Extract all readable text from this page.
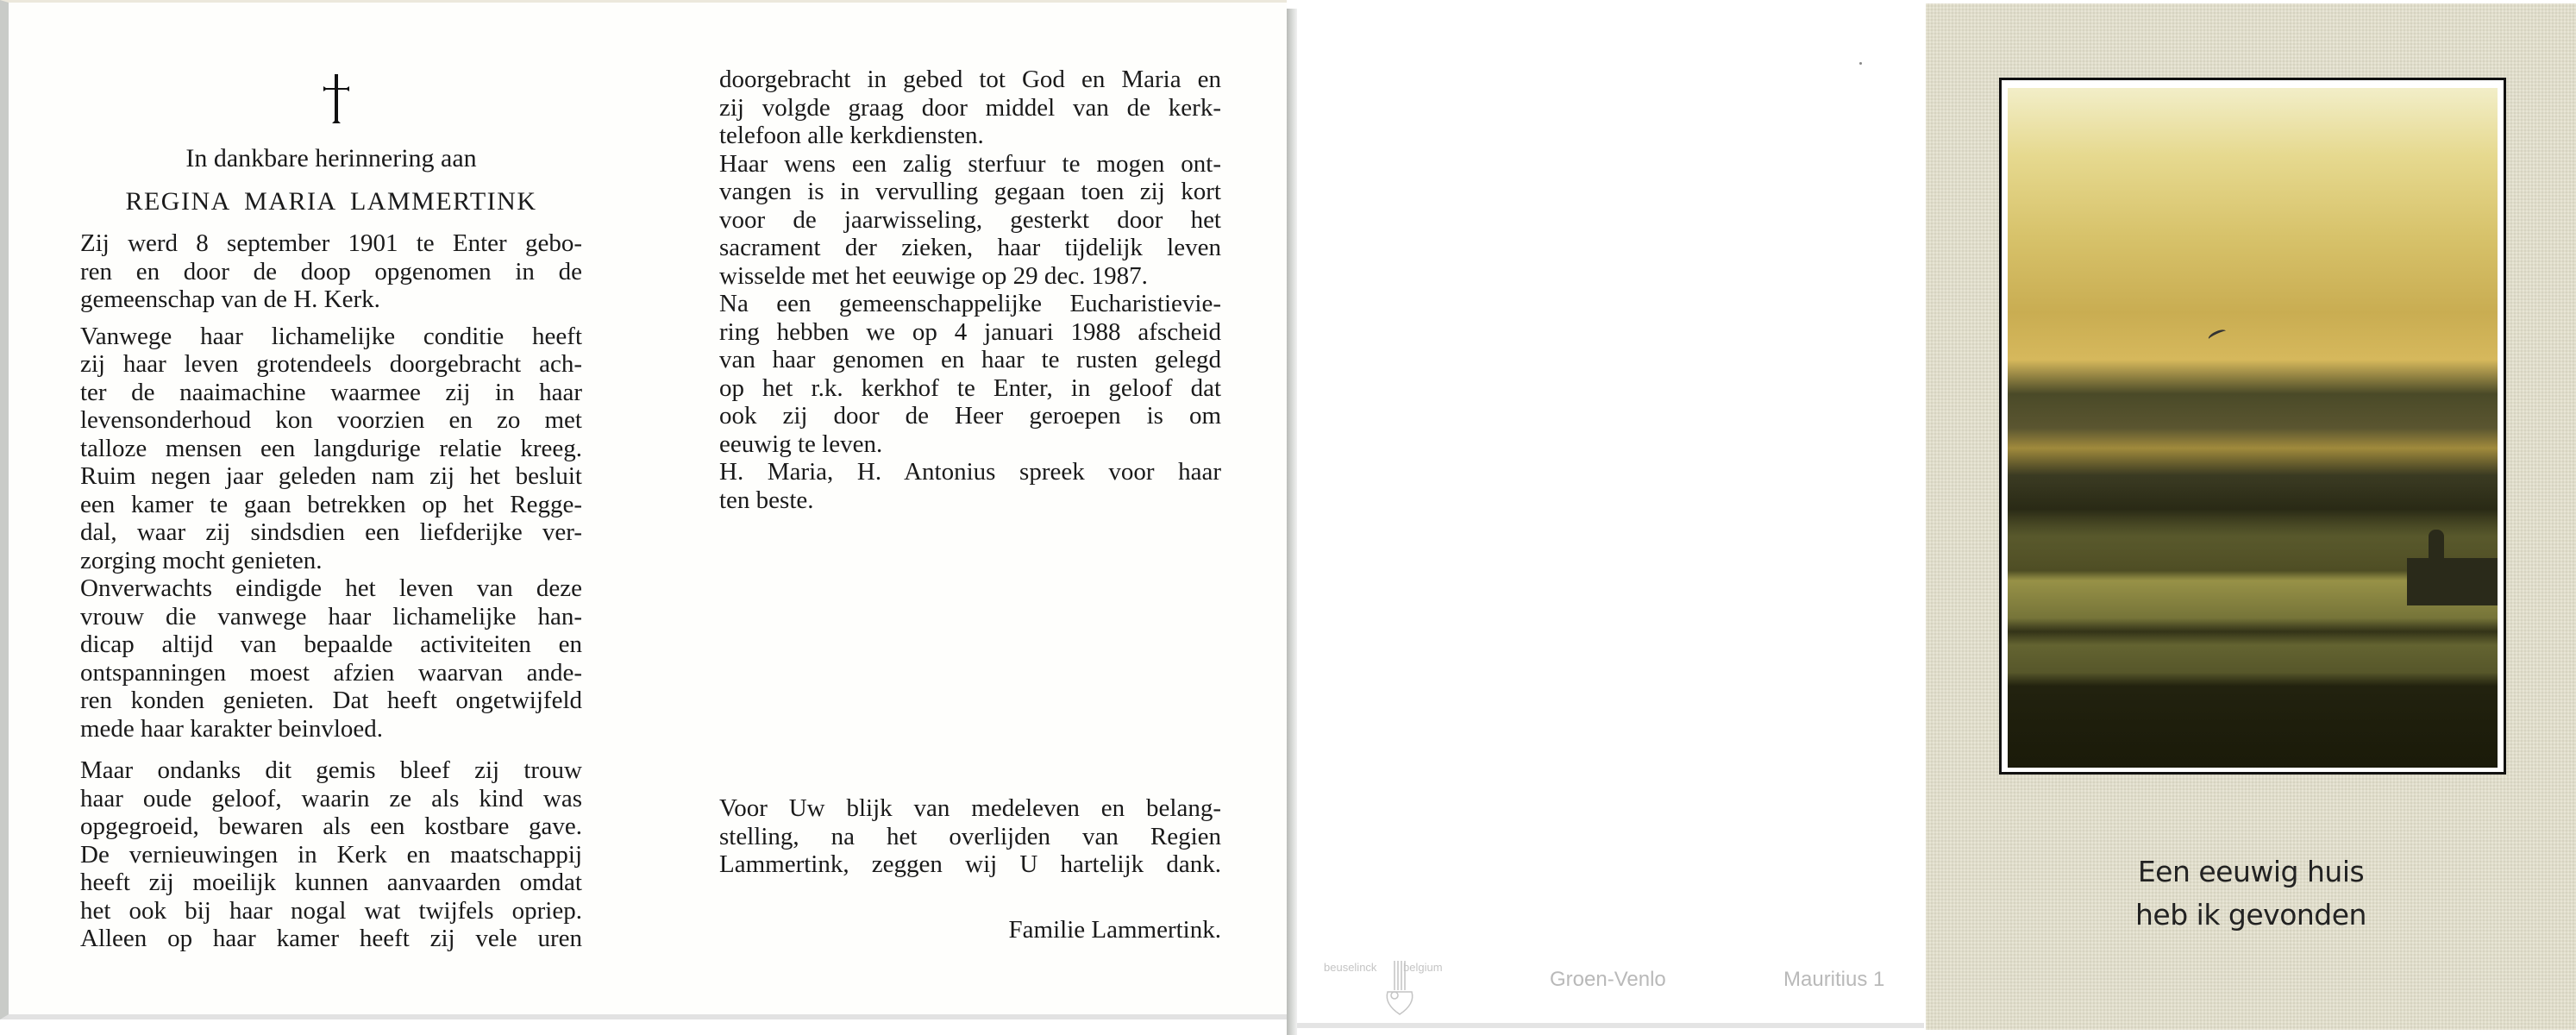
In dankbare herinnering aan
REGINA MARIA LAMMERTINK
Zij werd 8 september 1901 te Enter gebo-
ren en door de doop opgenomen in de
gemeenschap van de H. Kerk.
Vanwege haar lichamelijke conditie heeft
zij haar leven grotendeels doorgebracht ach-
ter de naaimachine waarmee zij in haar
levensonderhoud kon voorzien en zo met
talloze mensen een langdurige relatie kreeg.
Ruim negen jaar geleden nam zij het besluit
een kamer te gaan betrekken op het Regge-
dal, waar zij sindsdien een liefderijke ver-
zorging mocht genieten.
Onverwachts eindigde het leven van deze
vrouw die vanwege haar lichamelijke han-
dicap altijd van bepaalde activiteiten en
ontspanningen moest afzien waarvan ande-
ren konden genieten. Dat heeft ongetwijfeld
mede haar karakter beinvloed.
Maar ondanks dit gemis bleef zij trouw
haar oude geloof, waarin ze als kind was
opgegroeid, bewaren als een kostbare gave.
De vernieuwingen in Kerk en maatschappij
heeft zij moeilijk kunnen aanvaarden omdat
het ook bij haar nogal wat twijfels opriep.
Alleen op haar kamer heeft zij vele uren
doorgebracht in gebed tot God en Maria en
zij volgde graag door middel van de kerk-
telefoon alle kerkdiensten.
Haar wens een zalig sterfuur te mogen ont-
vangen is in vervulling gegaan toen zij kort
voor de jaarwisseling, gesterkt door het
sacrament der zieken, haar tijdelijk leven
wisselde met het eeuwige op 29 dec. 1987.
Na een gemeenschappelijke Eucharistievie-
ring hebben we op 4 januari 1988 afscheid
van haar genomen en haar te rusten gelegd
op het r.k. kerkhof te Enter, in geloof dat
ook zij door de Heer geroepen is om
eeuwig te leven.
H. Maria, H. Antonius spreek voor haar
ten beste.
Voor Uw blijk van medeleven en belang-
stelling, na het overlijden van Regien
Lammertink, zeggen wij U hartelijk dank.
Familie Lammertink.
beuselinck belgium
Groen-Venlo	Mauritius 1
Een eeuwig huis
heb ik gevonden
